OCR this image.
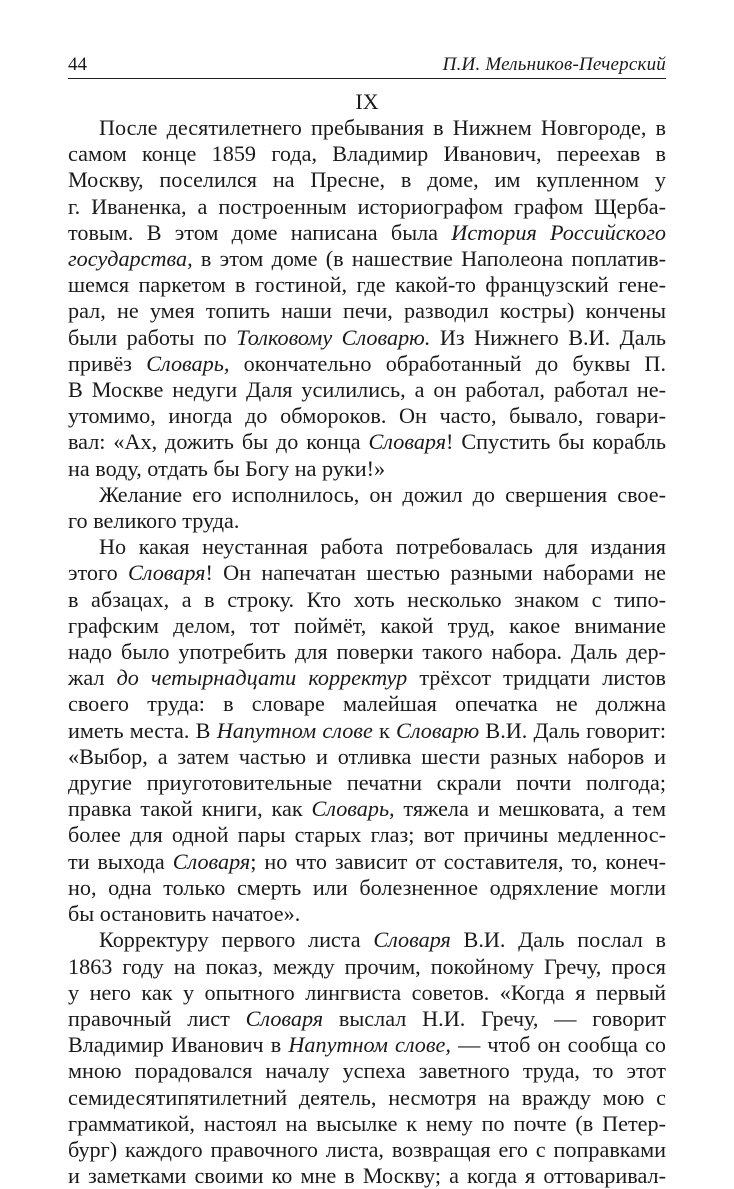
44	П.И. Мельников-Печерский
IX
После десятилетнего пребывания в Нижнем Новгороде, в
самом конце 1859 года, Владимир Иванович, переехав в
Москву, поселился на Пресне, в доме, им купленном у
г. Иваненка, а построенным историографом графом Щерба-
товым. В этом доме написана была История Российского
государства, в этом доме (в нашествие Наполеона поплатив-
шемся паркетом в гостиной, где какой-то французский гене-
рал, не умея топить наши печи, разводил костры) кончены
были работы по Толковому Словарю. Из Нижнего В.И. Даль
привёз Словарь, окончательно обработанный до буквы П.
В Москве недуги Даля усилились, а он работал, работал не-
утомимо, иногда до обмороков. Он часто, бывало, говари-
вал: «Ах, дожить бы до конца Словаря! Спустить бы корабль
на воду, отдать бы Богу на руки!»
Желание его исполнилось, он дожил до свершения свое-
го великого труда.
Но какая неустанная работа потребовалась для издания
этого Словаря! Он напечатан шестью разными наборами не
в абзацах, а в строку. Кто хоть несколько знаком с типо-
графским делом, тот поймёт, какой труд, какое внимание
надо было употребить для поверки такого набора. Даль дер-
жал до четырнадцати корректур трёхсот тридцати листов
своего труда: в словаре малейшая опечатка не должна
иметь места. В Напутном слове к Словарю В.И. Даль говорит:
«Выбор, а затем частью и отливка шести разных наборов и
другие приуготовительные печатни скрали почти полгода;
правка такой книги, как Словарь, тяжела и мешковата, а тем
более для одной пары старых глаз; вот причины медленнос-
ти выхода Словаря; но что зависит от составителя, то, конеч-
но, одна только смерть или болезненное одряхление могли
бы остановить начатое».
Корректуру первого листа Словаря В.И. Даль послал в
1863 году на показ, между прочим, покойному Гречу, прося
у него как у опытного лингвиста советов. «Когда я первый
правочный лист Словаря выслал Н.И. Гречу, — говорит
Владимир Иванович в Напутном слове, — чтоб он сообща со
мною порадовался началу успеха заветного труда, то этот
семидесятипятилетний деятель, несмотря на вражду мою с
грамматикой, настоял на высылке к нему по почте (в Петер-
бург) каждого правочного листа, возвращая его с поправками
и заметками своими ко мне в Москву; а когда я оттоваривал-
